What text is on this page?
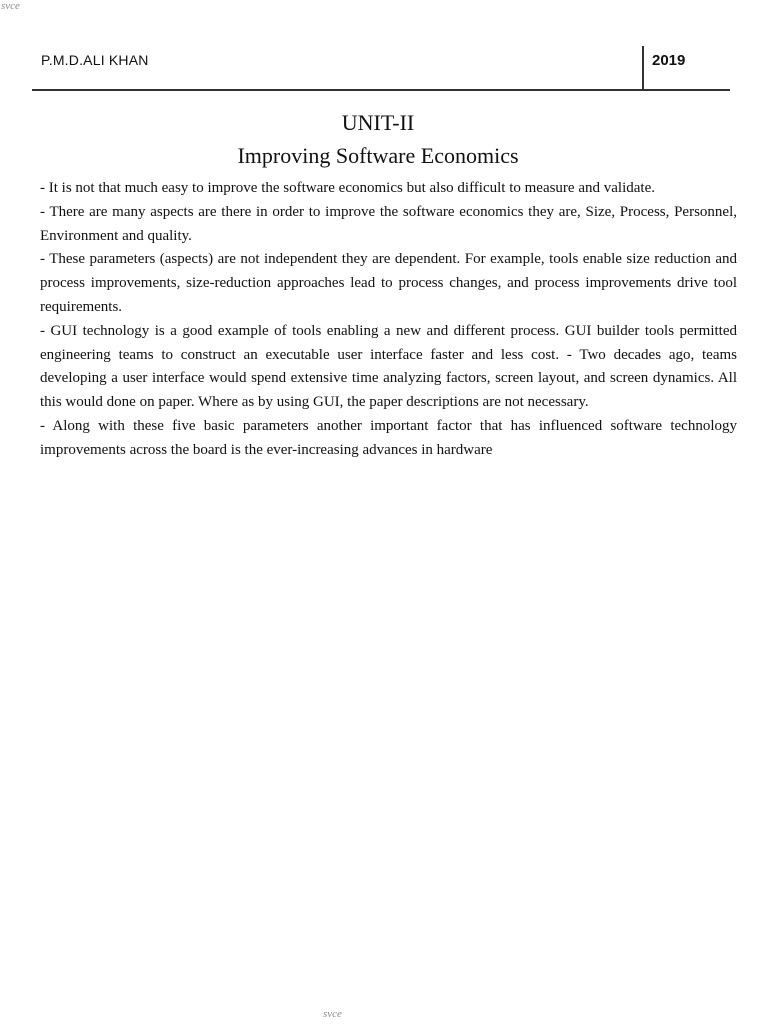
svce
P.M.D.ALI KHAN	2019
UNIT-II
Improving Software Economics

- It is not that much easy to improve the software economics but also difficult to measure and validate.

- There are many aspects are there in order to improve the software economics they are, Size, Process, Personnel, Environment and quality.

- These parameters (aspects) are not independent they are dependent. For example, tools enable size reduction and process improvements, size-reduction approaches lead to process changes, and process improvements drive tool requirements.

- GUI technology is a good example of tools enabling a new and different process. GUI builder tools permitted engineering teams to construct an executable user interface faster and less cost. - Two decades ago, teams developing a user interface would spend extensive time analyzing factors, screen layout, and screen dynamics. All this would done on paper. Where as by using GUI, the paper descriptions are not necessary.

- Along with these five basic parameters another important factor that has influenced software technology improvements across the board is the ever-increasing advances in hardware

svce
